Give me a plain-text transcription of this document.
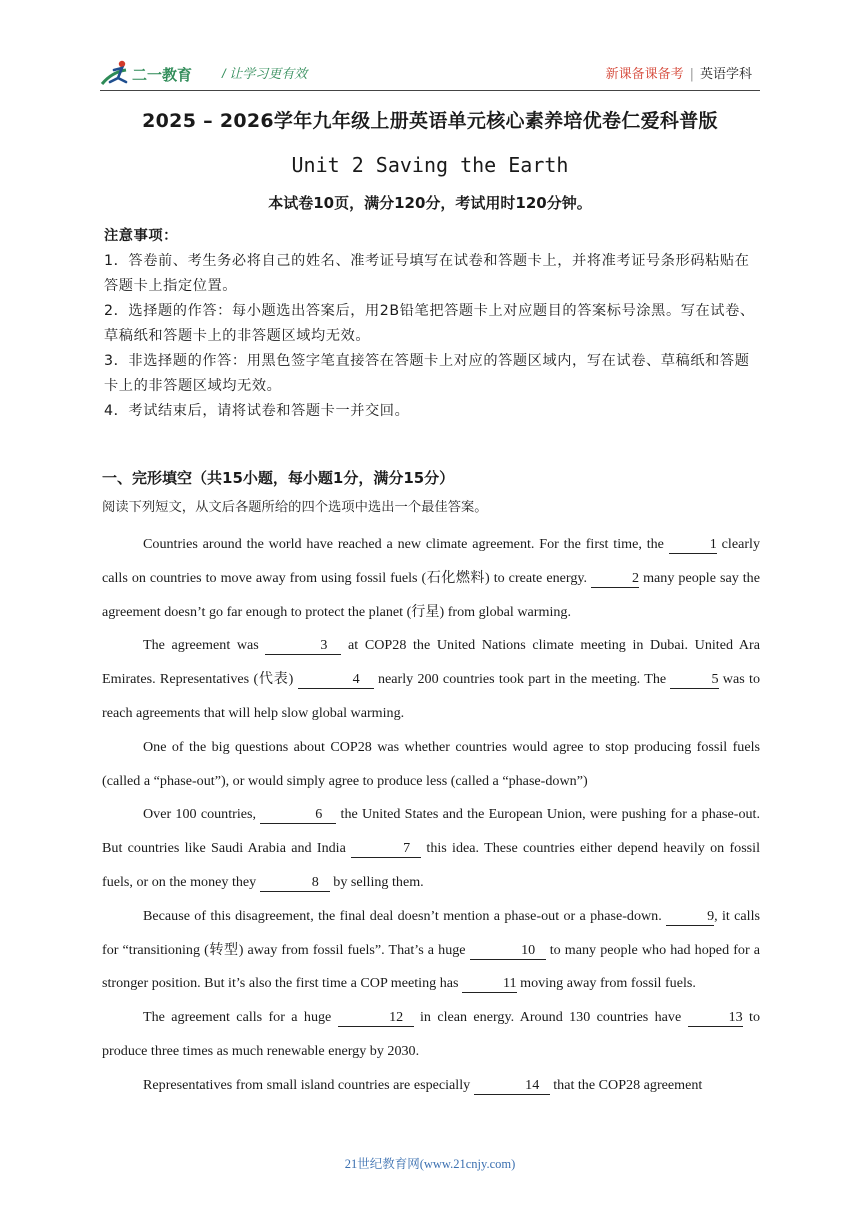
二一教育 / 让学习更有效	新课备课备考 | 英语学科
2025 – 2026学年九年级上册英语单元核心素养培优卷仁爱科普版
Unit 2 Saving the Earth
本试卷10页，满分120分，考试用时120分钟。

注意事项：

1．答卷前、考生务必将自己的姓名、准考证号填写在试卷和答题卡上，并将准考证号条形码粘贴在答题卡上指定位置。

2．选择题的作答：每小题选出答案后，用2B铅笔把答题卡上对应题目的答案标号涂黑。写在试卷、草稿纸和答题卡上的非答题区域均无效。

3．非选择题的作答：用黑色签字笔直接答在答题卡上对应的答题区域内，写在试卷、草稿纸和答题卡上的非答题区域均无效。

4．考试结束后，请将试卷和答题卡一并交回。

一、完形填空（共15小题，每小题1分，满分15分）
阅读下列短文，从文后各题所给的四个选项中选出一个最佳答案。

Countries around the world have reached a new climate agreement. For the first time, the	1 clearly calls on countries to move away from using fossil fuels (石化燃料) to create energy.	2 many people say the agreement doesn’t go far enough to protect the planet (行星) from global warming.

The agreement was	3 at COP28 the United Nations climate meeting in Dubai. United Ara Emirates. Representatives (代表)	4 nearly 200 countries took part in the meeting. The	5 was to reach agreements that will help slow global warming.

One of the big questions about COP28 was whether countries would agree to stop producing fossil fuels (called a “phase-out”), or would simply agree to produce less (called a “phase-down”)

Over 100 countries,	6 the United States and the European Union, were pushing for a phase-out. But countries like Saudi Arabia and India	7 this idea. These countries either depend heavily on fossil fuels, or on the money they	8 by selling them.

Because of this disagreement, the final deal doesn’t mention a phase-out or a phase-down.	9, it calls for “transitioning (转型) away from fossil fuels”. That’s a huge	10 to many people who had hoped for a stronger position. But it’s also the first time a COP meeting has	11 moving away from fossil fuels.

The agreement calls for a huge	12 in clean energy. Around 130 countries have	13 to produce three times as much renewable energy by 2030.

Representatives from small island countries are especially	14 that the COP28 agreement

21世纪教育网(www.21cnjy.com)
